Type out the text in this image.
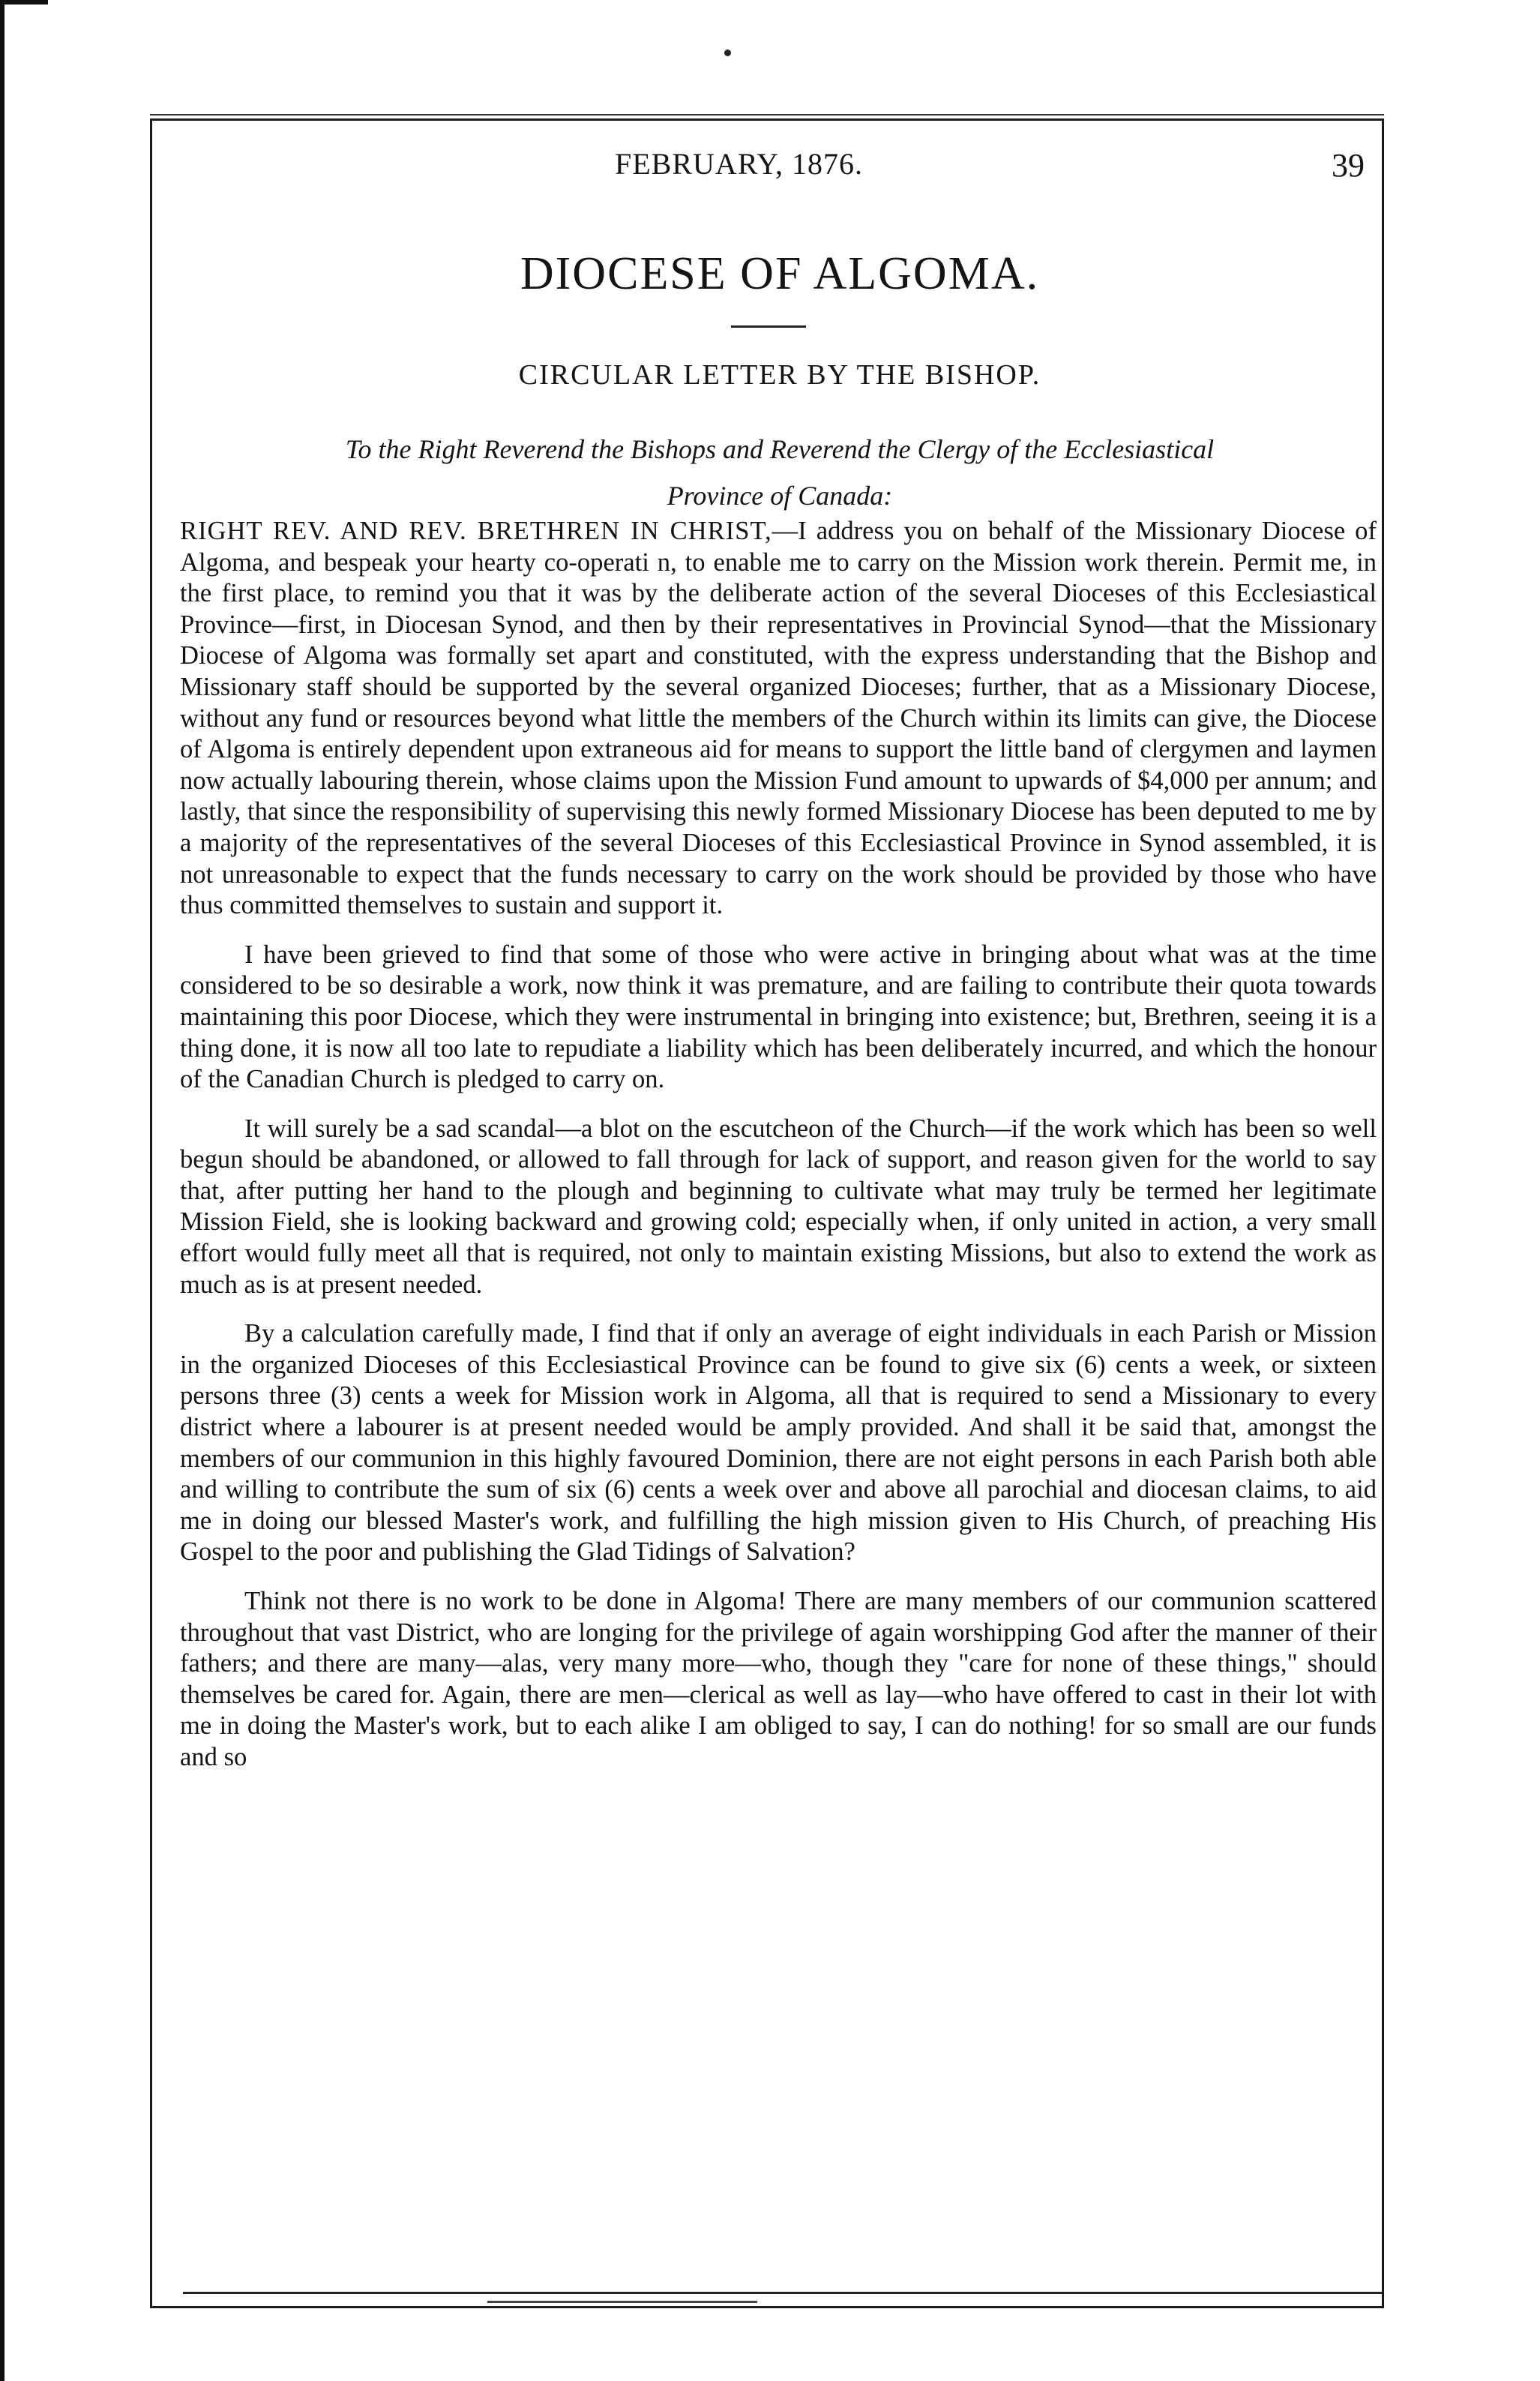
FEBRUARY, 1876.	39
DIOCESE OF ALGOMA.
CIRCULAR LETTER BY THE BISHOP.
To the Right Reverend the Bishops and Reverend the Clergy of the Ecclesiastical
Province of Canada:

RIGHT REV. AND REV. BRETHREN IN CHRIST,—I address you on behalf of the Missionary Diocese of Algoma, and bespeak your hearty co-operati n, to enable me to carry on the Mission work therein. Permit me, in the first place, to remind you that it was by the deliberate action of the several Dioceses of this Ecclesiastical Province—first, in Diocesan Synod, and then by their representatives in Provincial Synod—that the Missionary Diocese of Algoma was formally set apart and constituted, with the express understanding that the Bishop and Missionary staff should be supported by the several organized Dioceses; further, that as a Missionary Diocese, without any fund or resources beyond what little the members of the Church within its limits can give, the Diocese of Algoma is entirely dependent upon extraneous aid for means to support the little band of clergymen and laymen now actually labouring therein, whose claims upon the Mission Fund amount to upwards of $4,000 per annum; and lastly, that since the responsibility of supervising this newly formed Missionary Diocese has been deputed to me by a majority of the representatives of the several Dioceses of this Ecclesiastical Province in Synod assembled, it is not unreasonable to expect that the funds necessary to carry on the work should be provided by those who have thus committed themselves to sustain and support it.

I have been grieved to find that some of those who were active in bringing about what was at the time considered to be so desirable a work, now think it was premature, and are failing to contribute their quota towards maintaining this poor Diocese, which they were instrumental in bringing into existence; but, Brethren, seeing it is a thing done, it is now all too late to repudiate a liability which has been deliberately incurred, and which the honour of the Canadian Church is pledged to carry on.

It will surely be a sad scandal—a blot on the escutcheon of the Church—if the work which has been so well begun should be abandoned, or allowed to fall through for lack of support, and reason given for the world to say that, after putting her hand to the plough and beginning to cultivate what may truly be termed her legitimate Mission Field, she is looking backward and growing cold; especially when, if only united in action, a very small effort would fully meet all that is required, not only to maintain existing Missions, but also to extend the work as much as is at present needed.

By a calculation carefully made, I find that if only an average of eight individuals in each Parish or Mission in the organized Dioceses of this Ecclesiastical Province can be found to give six (6) cents a week, or sixteen persons three (3) cents a week for Mission work in Algoma, all that is required to send a Missionary to every district where a labourer is at present needed would be amply provided. And shall it be said that, amongst the members of our communion in this highly favoured Dominion, there are not eight persons in each Parish both able and willing to contribute the sum of six (6) cents a week over and above all parochial and diocesan claims, to aid me in doing our blessed Master's work, and fulfilling the high mission given to His Church, of preaching His Gospel to the poor and publishing the Glad Tidings of Salvation?

Think not there is no work to be done in Algoma! There are many members of our communion scattered throughout that vast District, who are longing for the privilege of again worshipping God after the manner of their fathers; and there are many—alas, very many more—who, though they "care for none of these things," should themselves be cared for. Again, there are men—clerical as well as lay—who have offered to cast in their lot with me in doing the Master's work, but to each alike I am obliged to say, I can do nothing! for so small are our funds and so
